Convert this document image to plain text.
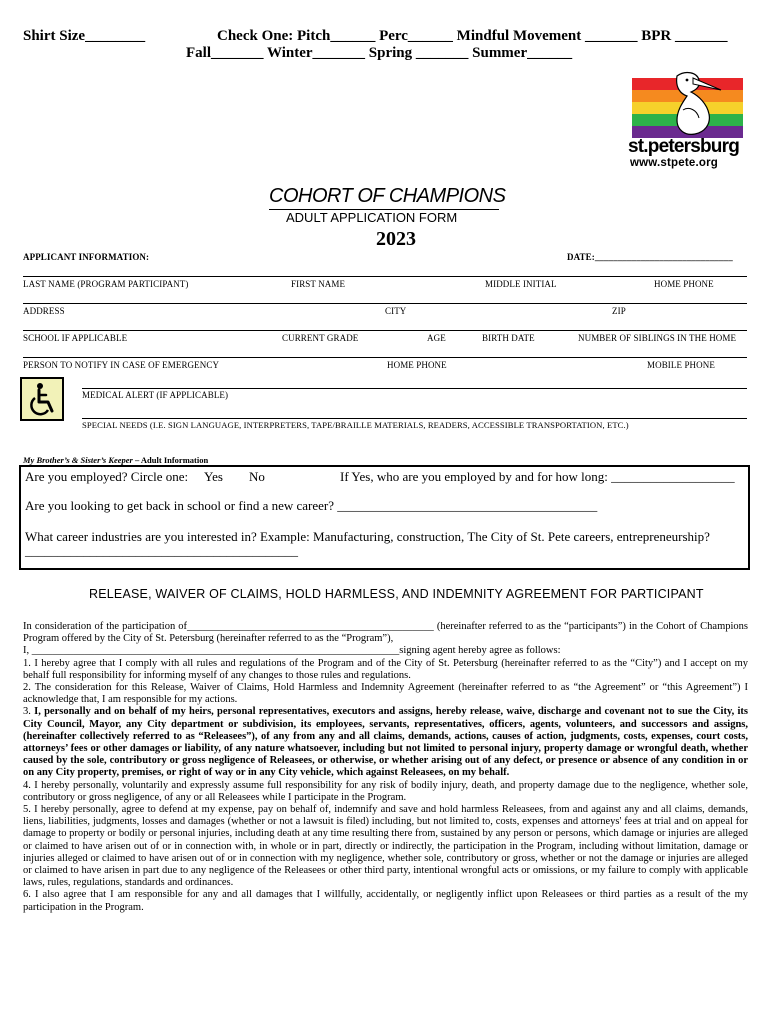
Shirt Size________	Check One: Pitch______ Perc______ Mindful Movement _______ BPR _______
Fall_______ Winter_______ Spring _______ Summer______
st.petersburg
www.stpete.org
COHORT OF CHAMPIONS
ADULT APPLICATION FORM
2023
APPLICANT INFORMATION:	DATE:______________________________
LAST NAME (PROGRAM PARTICIPANT)	FIRST NAME	MIDDLE INITIAL	HOME PHONE
ADDRESS	CITY	ZIP
SCHOOL IF APPLICABLE	CURRENT GRADE	AGE	BIRTH DATE	NUMBER OF SIBLINGS IN THE HOME
PERSON TO NOTIFY IN CASE OF EMERGENCY	HOME PHONE	MOBILE PHONE
MEDICAL ALERT (IF APPLICABLE)
SPECIAL NEEDS (I.E. SIGN LANGUAGE, INTERPRETERS, TAPE/BRAILLE MATERIALS, READERS, ACCESSIBLE TRANSPORTATION, ETC.)
My Brother’s & Sister’s Keeper – Adult Information
Are you employed? Circle one: Yes No	If Yes, who are you employed by and for how long: ___________________
Are you looking to get back in school or find a new career? ________________________________________
What career industries are you interested in? Example: Manufacturing, construction, The City of St. Pete careers, entrepreneurship?
__________________________________________
RELEASE, WAIVER OF CLAIMS, HOLD HARMLESS, AND INDEMNITY AGREEMENT FOR PARTICIPANT

In consideration of the participation of_______________________________________________ (hereinafter referred to as the “participants”) in the Cohort of Champions Program offered by the City of St. Petersburg (hereinafter referred to as the “Program”),

I, ______________________________________________________________________signing agent hereby agree as follows:

1. I hereby agree that I comply with all rules and regulations of the Program and of the City of St. Petersburg (hereinafter referred to as the “City”) and I accept on my behalf full responsibility for informing myself of any changes to those rules and regulations.

2. The consideration for this Release, Waiver of Claims, Hold Harmless and Indemnity Agreement (hereinafter referred to as “the Agreement” or “this Agreement”) I acknowledge that, I am responsible for my actions.

3. I, personally and on behalf of my heirs, personal representatives, executors and assigns, hereby release, waive, discharge and covenant not to sue the City, its City Council, Mayor, any City department or subdivision, its employees, servants, representatives, officers, agents, volunteers, and successors and assigns, (hereinafter collectively referred to as “Releasees”), of any from any and all claims, demands, actions, causes of action, judgments, costs, expenses, court costs, attorneys’ fees or other damages or liability, of any nature whatsoever, including but not limited to personal injury, property damage or wrongful death, whether caused by the sole, contributory or gross negligence of Releasees, or otherwise, or whether arising out of any defect, or presence or absence of any condition in or on any City property, premises, or right of way or in any City vehicle, which against Releasees, on my behalf.

4. I hereby personally, voluntarily and expressly assume full responsibility for any risk of bodily injury, death, and property damage due to the negligence, whether sole, contributory or gross negligence, of any or all Releasees while I participate in the Program.

5. I hereby personally, agree to defend at my expense, pay on behalf of, indemnify and save and hold harmless Releasees, from and against any and all claims, demands, liens, liabilities, judgments, losses and damages (whether or not a lawsuit is filed) including, but not limited to, costs, expenses and attorneys' fees at trial and on appeal for damage to property or bodily or personal injuries, including death at any time resulting there from, sustained by any person or persons, which damage or injuries are alleged or claimed to have arisen out of or in connection with, in whole or in part, directly or indirectly, the participation in the Program, including without limitation, damage or injuries alleged or claimed to have arisen out of or in connection with my negligence, whether sole, contributory or gross, whether or not the damage or injuries are alleged or claimed to have arisen in part due to any negligence of the Releasees or other third party, intentional wrongful acts or omissions, or my failure to comply with applicable laws, rules, regulations, standards and ordinances.

6. I also agree that I am responsible for any and all damages that I willfully, accidentally, or negligently inflict upon Releasees or third parties as a result of the my participation in the Program.
